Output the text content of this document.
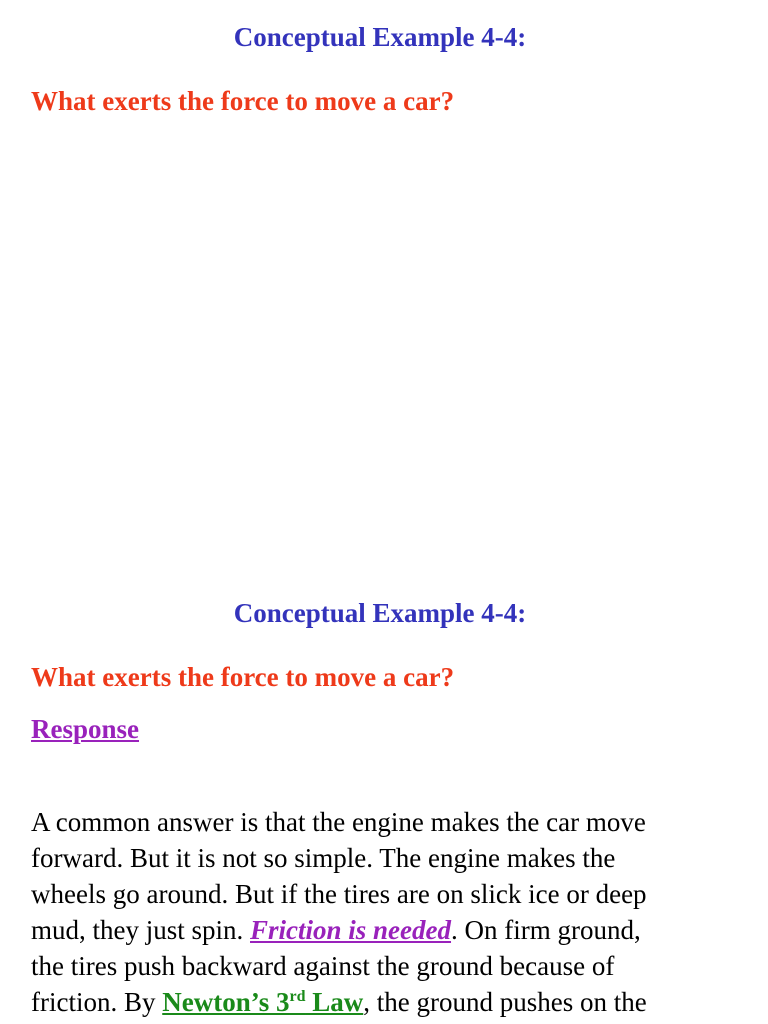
Conceptual Example 4-4:

What exerts the force to move a car?

Conceptual Example 4-4:

What exerts the force to move a car?

Response

A common answer is that the engine makes the car move
forward. But it is not so simple. The engine makes the
wheels go around. But if the tires are on slick ice or deep
mud, they just spin. Friction is needed. On firm ground,
the tires push backward against the ground because of
friction. By Newton’s 3rd Law, the ground pushes on the
